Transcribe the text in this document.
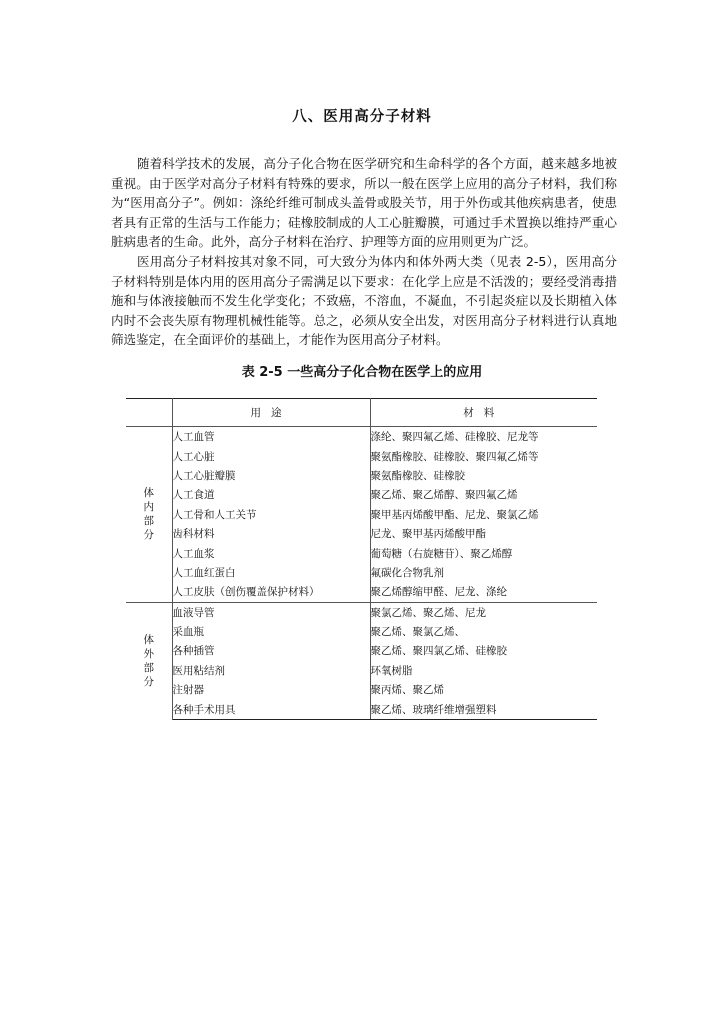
八、医用高分子材料

随着科学技术的发展，高分子化合物在医学研究和生命科学的各个方面，越来越多地被重视。由于医学对高分子材料有特殊的要求，所以一般在医学上应用的高分子材料，我们称为“医用高分子”。例如：涤纶纤维可制成头盖骨或股关节，用于外伤或其他疾病患者，使患者具有正常的生活与工作能力；硅橡胶制成的人工心脏瓣膜，可通过手术置换以维持严重心脏病患者的生命。此外，高分子材料在治疗、护理等方面的应用则更为广泛。

医用高分子材料按其对象不同，可大致分为体内和体外两大类（见表 2-5），医用高分子材料特别是体内用的医用高分子需满足以下要求：在化学上应是不活泼的；要经受消毒措施和与体液接触而不发生化学变化；不致癌，不溶血，不凝血，不引起炎症以及长期植入体内时不会丧失原有物理机械性能等。总之，必须从安全出发，对医用高分子材料进行认真地筛选鉴定，在全面评价的基础上，才能作为医用高分子材料。

表 2-5 一些高分子化合物在医学上的应用
	用途	材料

体
内
部
分	人工血管	涤纶、聚四氟乙烯、硅橡胶、尼龙等
	人工心脏	聚氨酯橡胶、硅橡胶、聚四氟乙烯等
	人工心脏瓣膜	聚氨酯橡胶、硅橡胶
	人工食道	聚乙烯、聚乙烯醇、聚四氟乙烯
	人工骨和人工关节	聚甲基丙烯酸甲酯、尼龙、聚氯乙烯
	齿科材料	尼龙、聚甲基丙烯酸甲酯
	人工血浆	葡萄糖（右旋糖苷）、聚乙烯醇
	人工血红蛋白	氟碳化合物乳剂
	人工皮肤（创伤覆盖保护材料）	聚乙烯醇缩甲醛、尼龙、涤纶

体
外
部
分	血液导管	聚氯乙烯、聚乙烯、尼龙
	采血瓶	聚乙烯、聚氯乙烯、
	各种插管	聚乙烯、聚四氯乙烯、硅橡胶
	医用粘结剂	环氧树脂
	注射器	聚丙烯、聚乙烯
	各种手术用具	聚乙烯、玻璃纤维增强塑料
